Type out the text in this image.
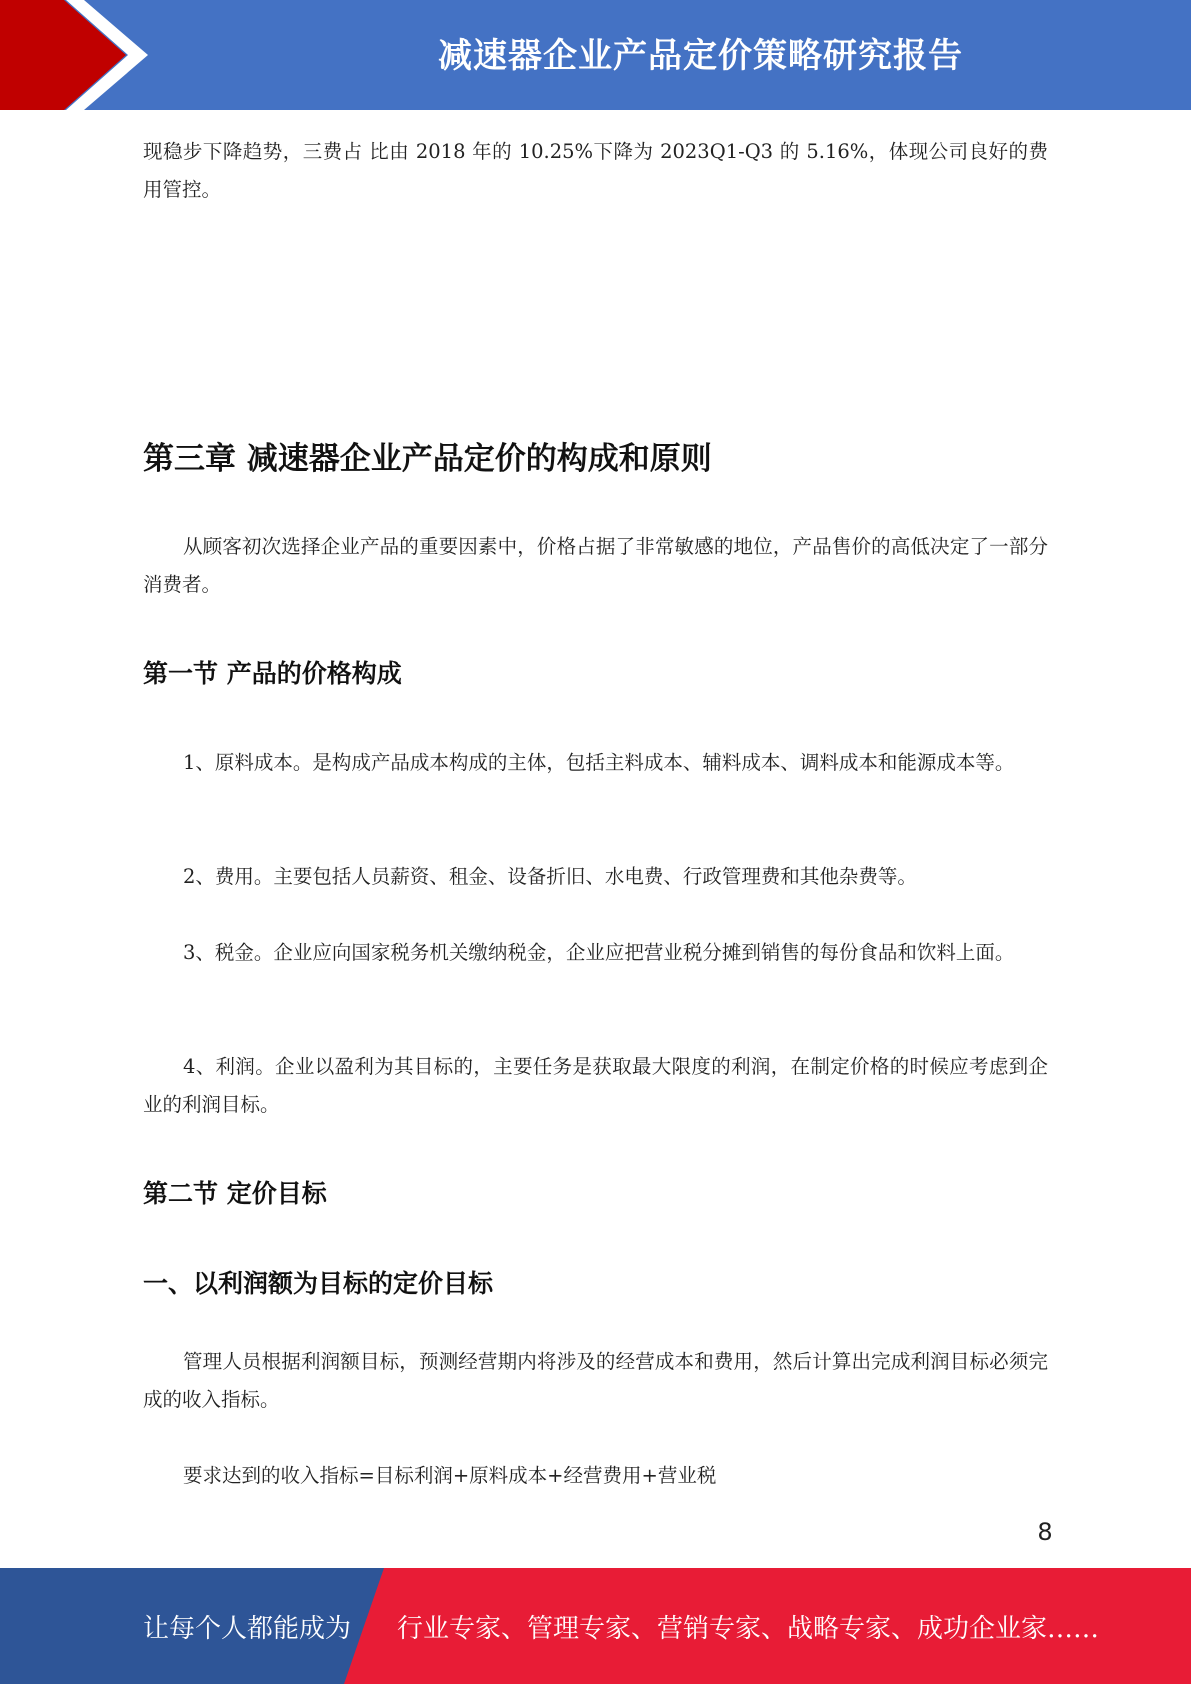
减速器企业产品定价策略研究报告

现稳步下降趋势，三费占 比由 2018 年的 10.25%下降为 2023Q1-Q3 的 5.16%，体现公司良好的费用管控。

第三章 减速器企业产品定价的构成和原则

从顾客初次选择企业产品的重要因素中，价格占据了非常敏感的地位，产品售价的高低决定了一部分消费者。

第一节 产品的价格构成

1、原料成本。是构成产品成本构成的主体，包括主料成本、辅料成本、调料成本和能源成本等。

2、费用。主要包括人员薪资、租金、设备折旧、水电费、行政管理费和其他杂费等。

3、税金。企业应向国家税务机关缴纳税金，企业应把营业税分摊到销售的每份食品和饮料上面。

4、利润。企业以盈利为其目标的，主要任务是获取最大限度的利润，在制定价格的时候应考虑到企业的利润目标。

第二节 定价目标
一、以利润额为目标的定价目标

管理人员根据利润额目标，预测经营期内将涉及的经营成本和费用，然后计算出完成利润目标必须完成的收入指标。

要求达到的收入指标=目标利润+原料成本+经营费用+营业税

8
让每个人都能成为 行业专家、管理专家、营销专家、战略专家、成功企业家……
